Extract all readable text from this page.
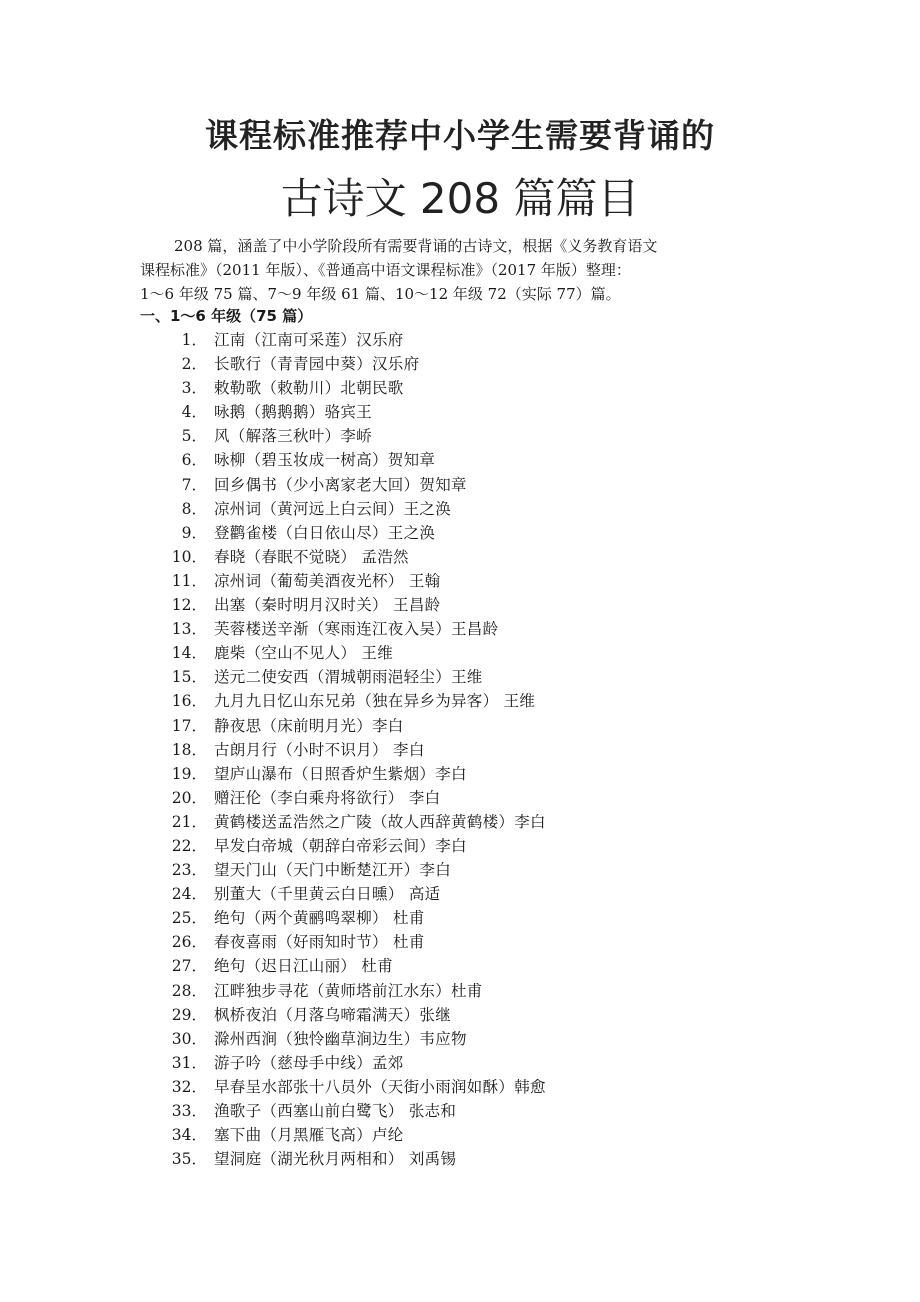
课程标准推荐中小学生需要背诵的
古诗文 208 篇篇目

208 篇，涵盖了中小学阶段所有需要背诵的古诗文，根据《义务教育语文

课程标准》（2011 年版）、《普通高中语文课程标准》（2017 年版）整理：

1～6 年级 75 篇、7～9 年级 61 篇、10～12 年级 72（实际 77）篇。

一、1～6 年级（75 篇）
1． 江南（江南可采莲）汉乐府
2． 长歌行（青青园中葵）汉乐府
3． 敕勒歌（敕勒川）北朝民歌
4． 咏鹅（鹅鹅鹅）骆宾王
5． 风（解落三秋叶）李峤
6． 咏柳（碧玉妆成一树高）贺知章
7． 回乡偶书（少小离家老大回）贺知章
8． 凉州词（黄河远上白云间）王之涣
9． 登鹳雀楼（白日依山尽）王之涣
10． 春晓（春眠不觉晓） 孟浩然
11． 凉州词（葡萄美酒夜光杯） 王翰
12． 出塞（秦时明月汉时关） 王昌龄
13． 芙蓉楼送辛渐（寒雨连江夜入吴）王昌龄
14． 鹿柴（空山不见人） 王维
15． 送元二使安西（渭城朝雨浥轻尘）王维
16． 九月九日忆山东兄弟（独在异乡为异客） 王维
17． 静夜思（床前明月光）李白
18． 古朗月行（小时不识月） 李白
19． 望庐山瀑布（日照香炉生紫烟）李白
20． 赠汪伦（李白乘舟将欲行） 李白
21． 黄鹤楼送孟浩然之广陵（故人西辞黄鹤楼）李白
22． 早发白帝城（朝辞白帝彩云间）李白
23． 望天门山（天门中断楚江开）李白
24． 别董大（千里黄云白日曛） 高适
25． 绝句（两个黄鹂鸣翠柳） 杜甫
26． 春夜喜雨（好雨知时节） 杜甫
27． 绝句（迟日江山丽） 杜甫
28． 江畔独步寻花（黄师塔前江水东）杜甫
29． 枫桥夜泊（月落乌啼霜满天）张继
30． 滁州西涧（独怜幽草涧边生）韦应物
31． 游子吟（慈母手中线）孟郊
32． 早春呈水部张十八员外（天街小雨润如酥）韩愈
33． 渔歌子（西塞山前白鹭飞） 张志和
34． 塞下曲（月黑雁飞高）卢纶
35． 望洞庭（湖光秋月两相和） 刘禹锡
